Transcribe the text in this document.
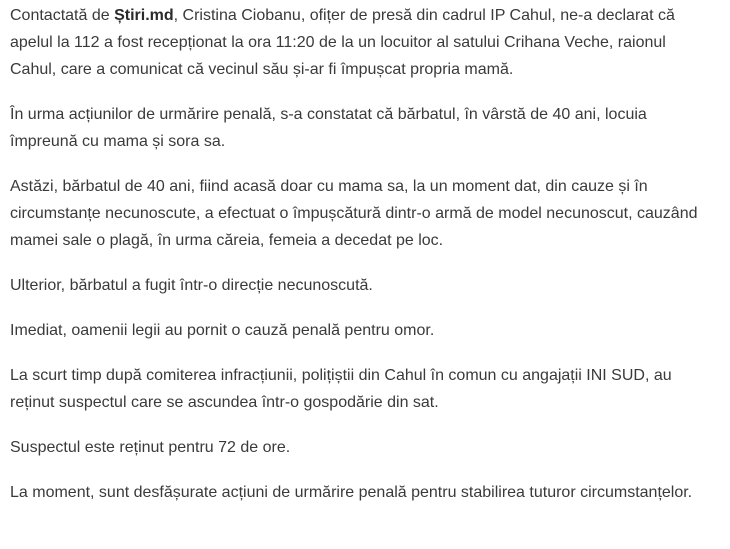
Contactată de Știri.md, Cristina Ciobanu, ofițer de presă din cadrul IP Cahul, ne-a declarat că apelul la 112 a fost recepționat la ora 11:20 de la un locuitor al satului Crihana Veche, raionul Cahul, care a comunicat că vecinul său și-ar fi împușcat propria mamă.

În urma acțiunilor de urmărire penală, s-a constatat că bărbatul, în vârstă de 40 ani, locuia împreună cu mama și sora sa.

Astăzi, bărbatul de 40 ani, fiind acasă doar cu mama sa, la un moment dat, din cauze și în circumstanțe necunoscute, a efectuat o împușcătură dintr-o armă de model necunoscut, cauzând mamei sale o plagă, în urma căreia, femeia a decedat pe loc.

Ulterior, bărbatul a fugit într-o direcție necunoscută.

Imediat, oamenii legii au pornit o cauză penală pentru omor.

La scurt timp după comiterea infracțiunii, polițiștii din Cahul în comun cu angajații INI SUD, au reținut suspectul care se ascundea într-o gospodărie din sat.

Suspectul este reținut pentru 72 de ore.

La moment, sunt desfășurate acțiuni de urmărire penală pentru stabilirea tuturor circumstanțelor.
